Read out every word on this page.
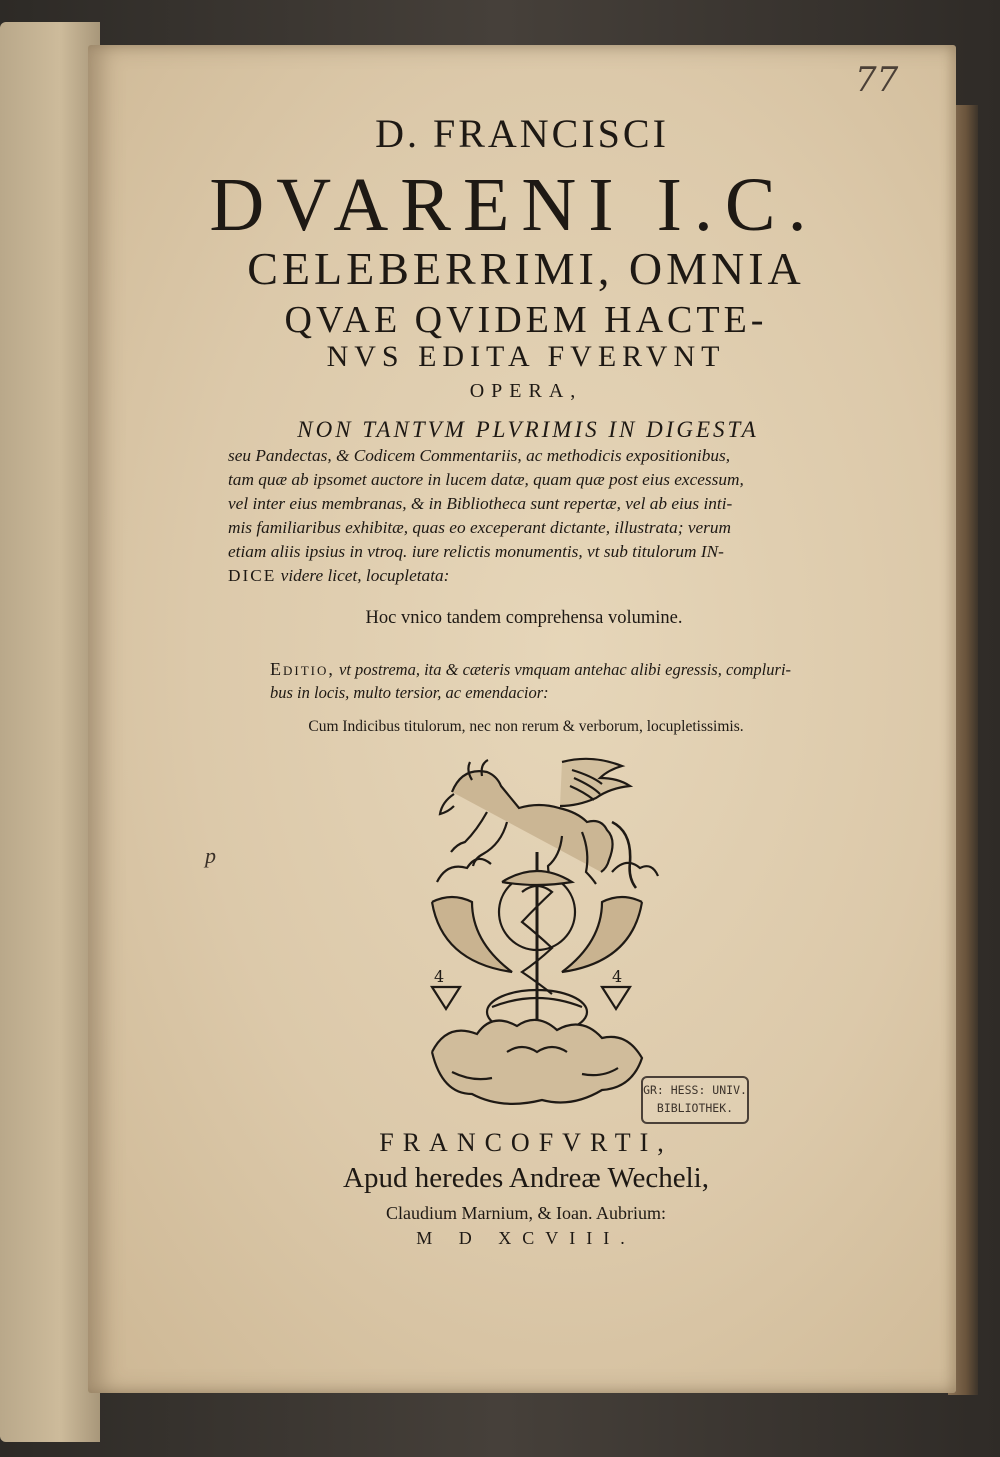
77
p
D. FRANCISCI
DVARENI I.C.
CELEBERRIMI, OMNIA
QVAE QVIDEM HACTE-
NVS EDITA FVERVNT
OPERA,
NON TANTVM PLVRIMIS IN DIGESTA
seu Pandectas, & Codicem Commentariis, ac methodicis expositionibus,
tam quæ ab ipsomet auctore in lucem datæ, quam quæ post eius excessum,
vel inter eius membranas, & in Bibliotheca sunt repertæ, vel ab eius inti-
mis familiaribus exhibitæ, quas eo exceperant dictante, illustrata; verum
etiam aliis ipsius in vtroq. iure relictis monumentis, vt sub titulorum IN-
DICE videre licet, locupletata:
Hoc vnico tandem comprehensa volumine.
Editio, vt postrema, ita & cæteris vmquam antehac alibi egressis, compluri-
bus in locis, multo tersior, ac emendacior:
Cum Indicibus titulorum, nec non rerum & verborum, locupletissimis.
4	4
GR: HESS: UNIV.
BIBLIOTHEK.
FRANCOFVRTI,
Apud heredes Andreæ Wecheli,
Claudium Marnium, & Ioan. Aubrium:
M D XCVIII.
